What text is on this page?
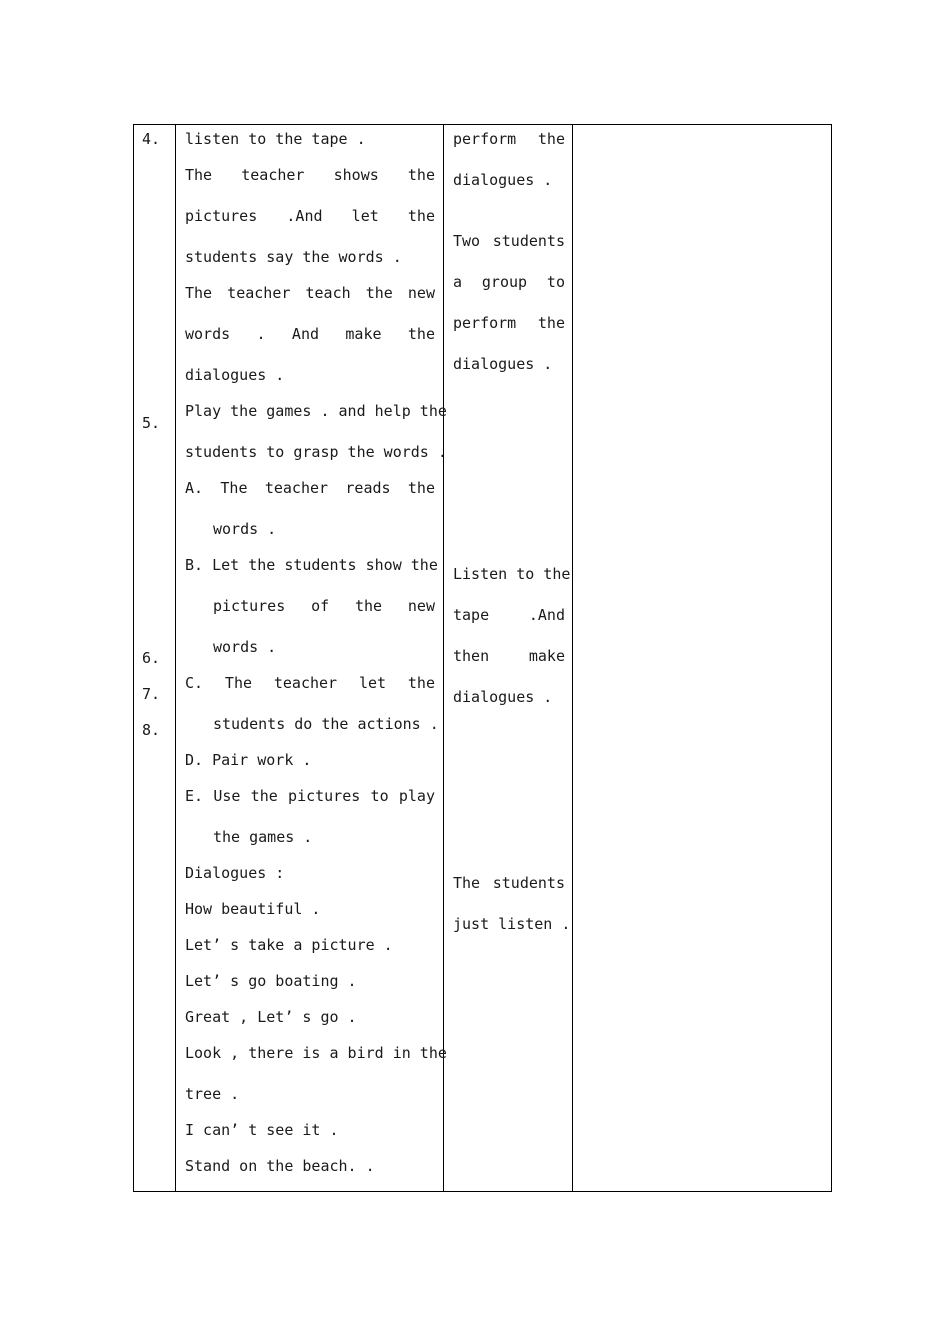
4.
5.
6.
7.
8.
listen to the tape .
The teacher shows the
pictures .And let the
students say the words .
The teacher teach the new
words . And make the
dialogues .
Play the games . and help the
students to grasp the words .
A. The teacher reads the
words .
B. Let the students show the
pictures of the new
words .
C. The teacher let the
students do the actions .
D. Pair work .
E. Use the pictures to play
the games .
Dialogues :
How beautiful .
Let’ s take a picture .
Let’ s go boating .
Great , Let’ s go .
Look , there is a bird in the
tree .
I can’ t see it .
Stand on the beach. .
perform the
dialogues .
Two students
a group to
perform the
dialogues .
Listen to the
tape .And
then make
dialogues .
The students
just listen .
